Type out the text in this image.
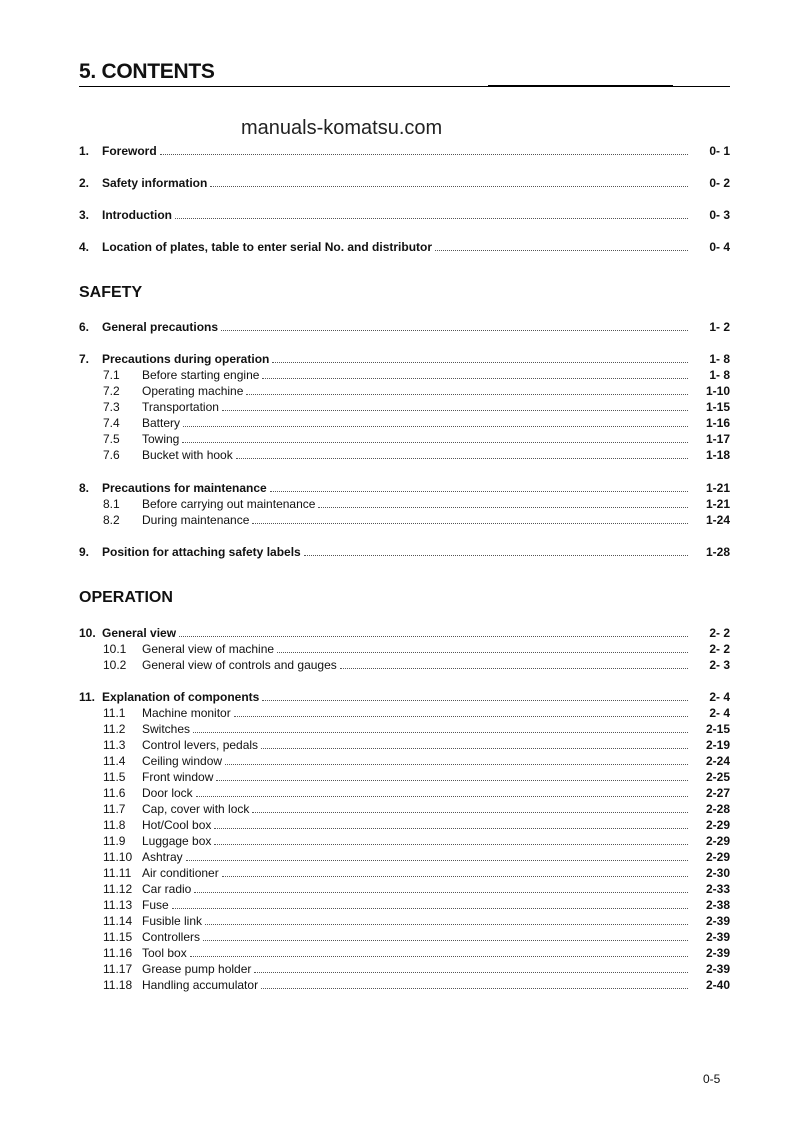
5. CONTENTS
manuals-komatsu.com
1.	Foreword	0- 1
2.	Safety information	0- 2
3.	Introduction	0- 3
4.	Location of plates, table to enter serial No. and distributor	0- 4
SAFETY
6.	General precautions	1- 2
7.	Precautions during operation	1- 8
7.1	Before starting engine	1- 8
7.2	Operating machine	1-10
7.3	Transportation	1-15
7.4	Battery	1-16
7.5	Towing	1-17
7.6	Bucket with hook	1-18
8.	Precautions for maintenance	1-21
8.1	Before carrying out maintenance	1-21
8.2	During maintenance	1-24
9.	Position for attaching safety labels	1-28
OPERATION
10. General view	2- 2
10.1	General view of machine	2- 2
10.2	General view of controls and gauges	2- 3
11. Explanation of components	2- 4
11.1	Machine monitor	2- 4
11.2	Switches	2-15
11.3	Control levers, pedals	2-19
11.4	Ceiling window	2-24
11.5	Front window	2-25
11.6	Door lock	2-27
11.7	Cap, cover with lock	2-28
11.8	Hot/Cool box	2-29
11.9	Luggage box	2-29
11.10 Ashtray	2-29
11.11 Air conditioner	2-30
11.12 Car radio	2-33
11.13 Fuse	2-38
11.14 Fusible link	2-39
11.15 Controllers	2-39
11.16 Tool box	2-39
11.17 Grease pump holder	2-39
11.18 Handling accumulator	2-40
0-5
